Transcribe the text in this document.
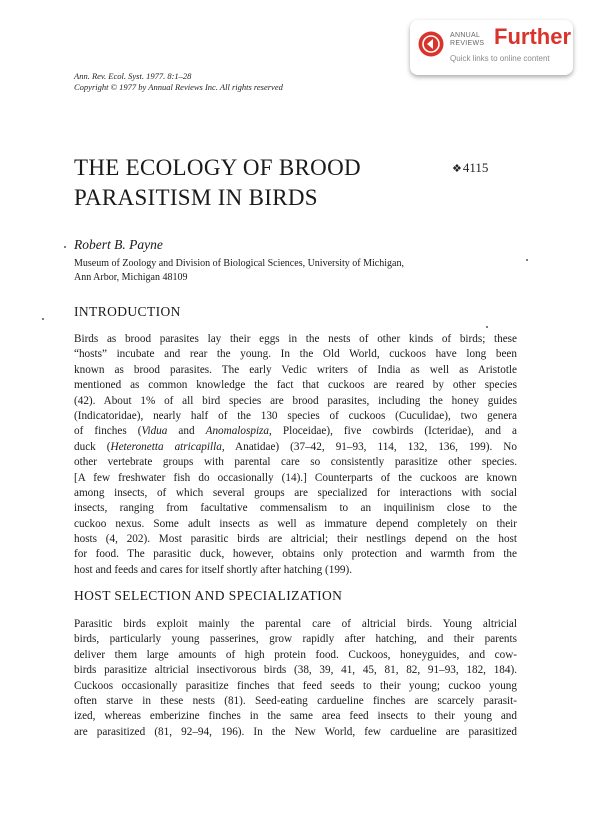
ANNUAL
REVIEWS Further
Quick links to online content
Ann. Rev. Ecol. Syst. 1977. 8:1–28
Copyright © 1977 by Annual Reviews Inc. All rights reserved
THE ECOLOGY OF BROOD
PARASITISM IN BIRDS
❖4115
Robert B. Payne
Museum of Zoology and Division of Biological Sciences, University of Michigan,
Ann Arbor, Michigan 48109
INTRODUCTION
Birds as brood parasites lay their eggs in the nests of other kinds of birds; these
“hosts” incubate and rear the young. In the Old World, cuckoos have long been
known as brood parasites. The early Vedic writers of India as well as Aristotle
mentioned as common knowledge the fact that cuckoos are reared by other species
(42). About 1% of all bird species are brood parasites, including the honey guides
(Indicatoridae), nearly half of the 130 species of cuckoos (Cuculidae), two genera
of finches (Vidua and Anomalospiza, Ploceidae), five cowbirds (Icteridae), and a
duck (Heteronetta atricapilla, Anatidae) (37–42, 91–93, 114, 132, 136, 199). No
other vertebrate groups with parental care so consistently parasitize other species.
[A few freshwater fish do occasionally (14).] Counterparts of the cuckoos are known
among insects, of which several groups are specialized for interactions with social
insects, ranging from facultative commensalism to an inquilinism close to the
cuckoo nexus. Some adult insects as well as immature depend completely on their
hosts (4, 202). Most parasitic birds are altricial; their nestlings depend on the host
for food. The parasitic duck, however, obtains only protection and warmth from the
host and feeds and cares for itself shortly after hatching (199).
HOST SELECTION AND SPECIALIZATION
Parasitic birds exploit mainly the parental care of altricial birds. Young altricial
birds, particularly young passerines, grow rapidly after hatching, and their parents
deliver them large amounts of high protein food. Cuckoos, honeyguides, and cow-
birds parasitize altricial insectivorous birds (38, 39, 41, 45, 81, 82, 91–93, 182, 184).
Cuckoos occasionally parasitize finches that feed seeds to their young; cuckoo young
often starve in these nests (81). Seed-eating cardueline finches are scarcely parasit-
ized, whereas emberizine finches in the same area feed insects to their young and
are parasitized (81, 92–94, 196). In the New World, few cardueline are parasitized
